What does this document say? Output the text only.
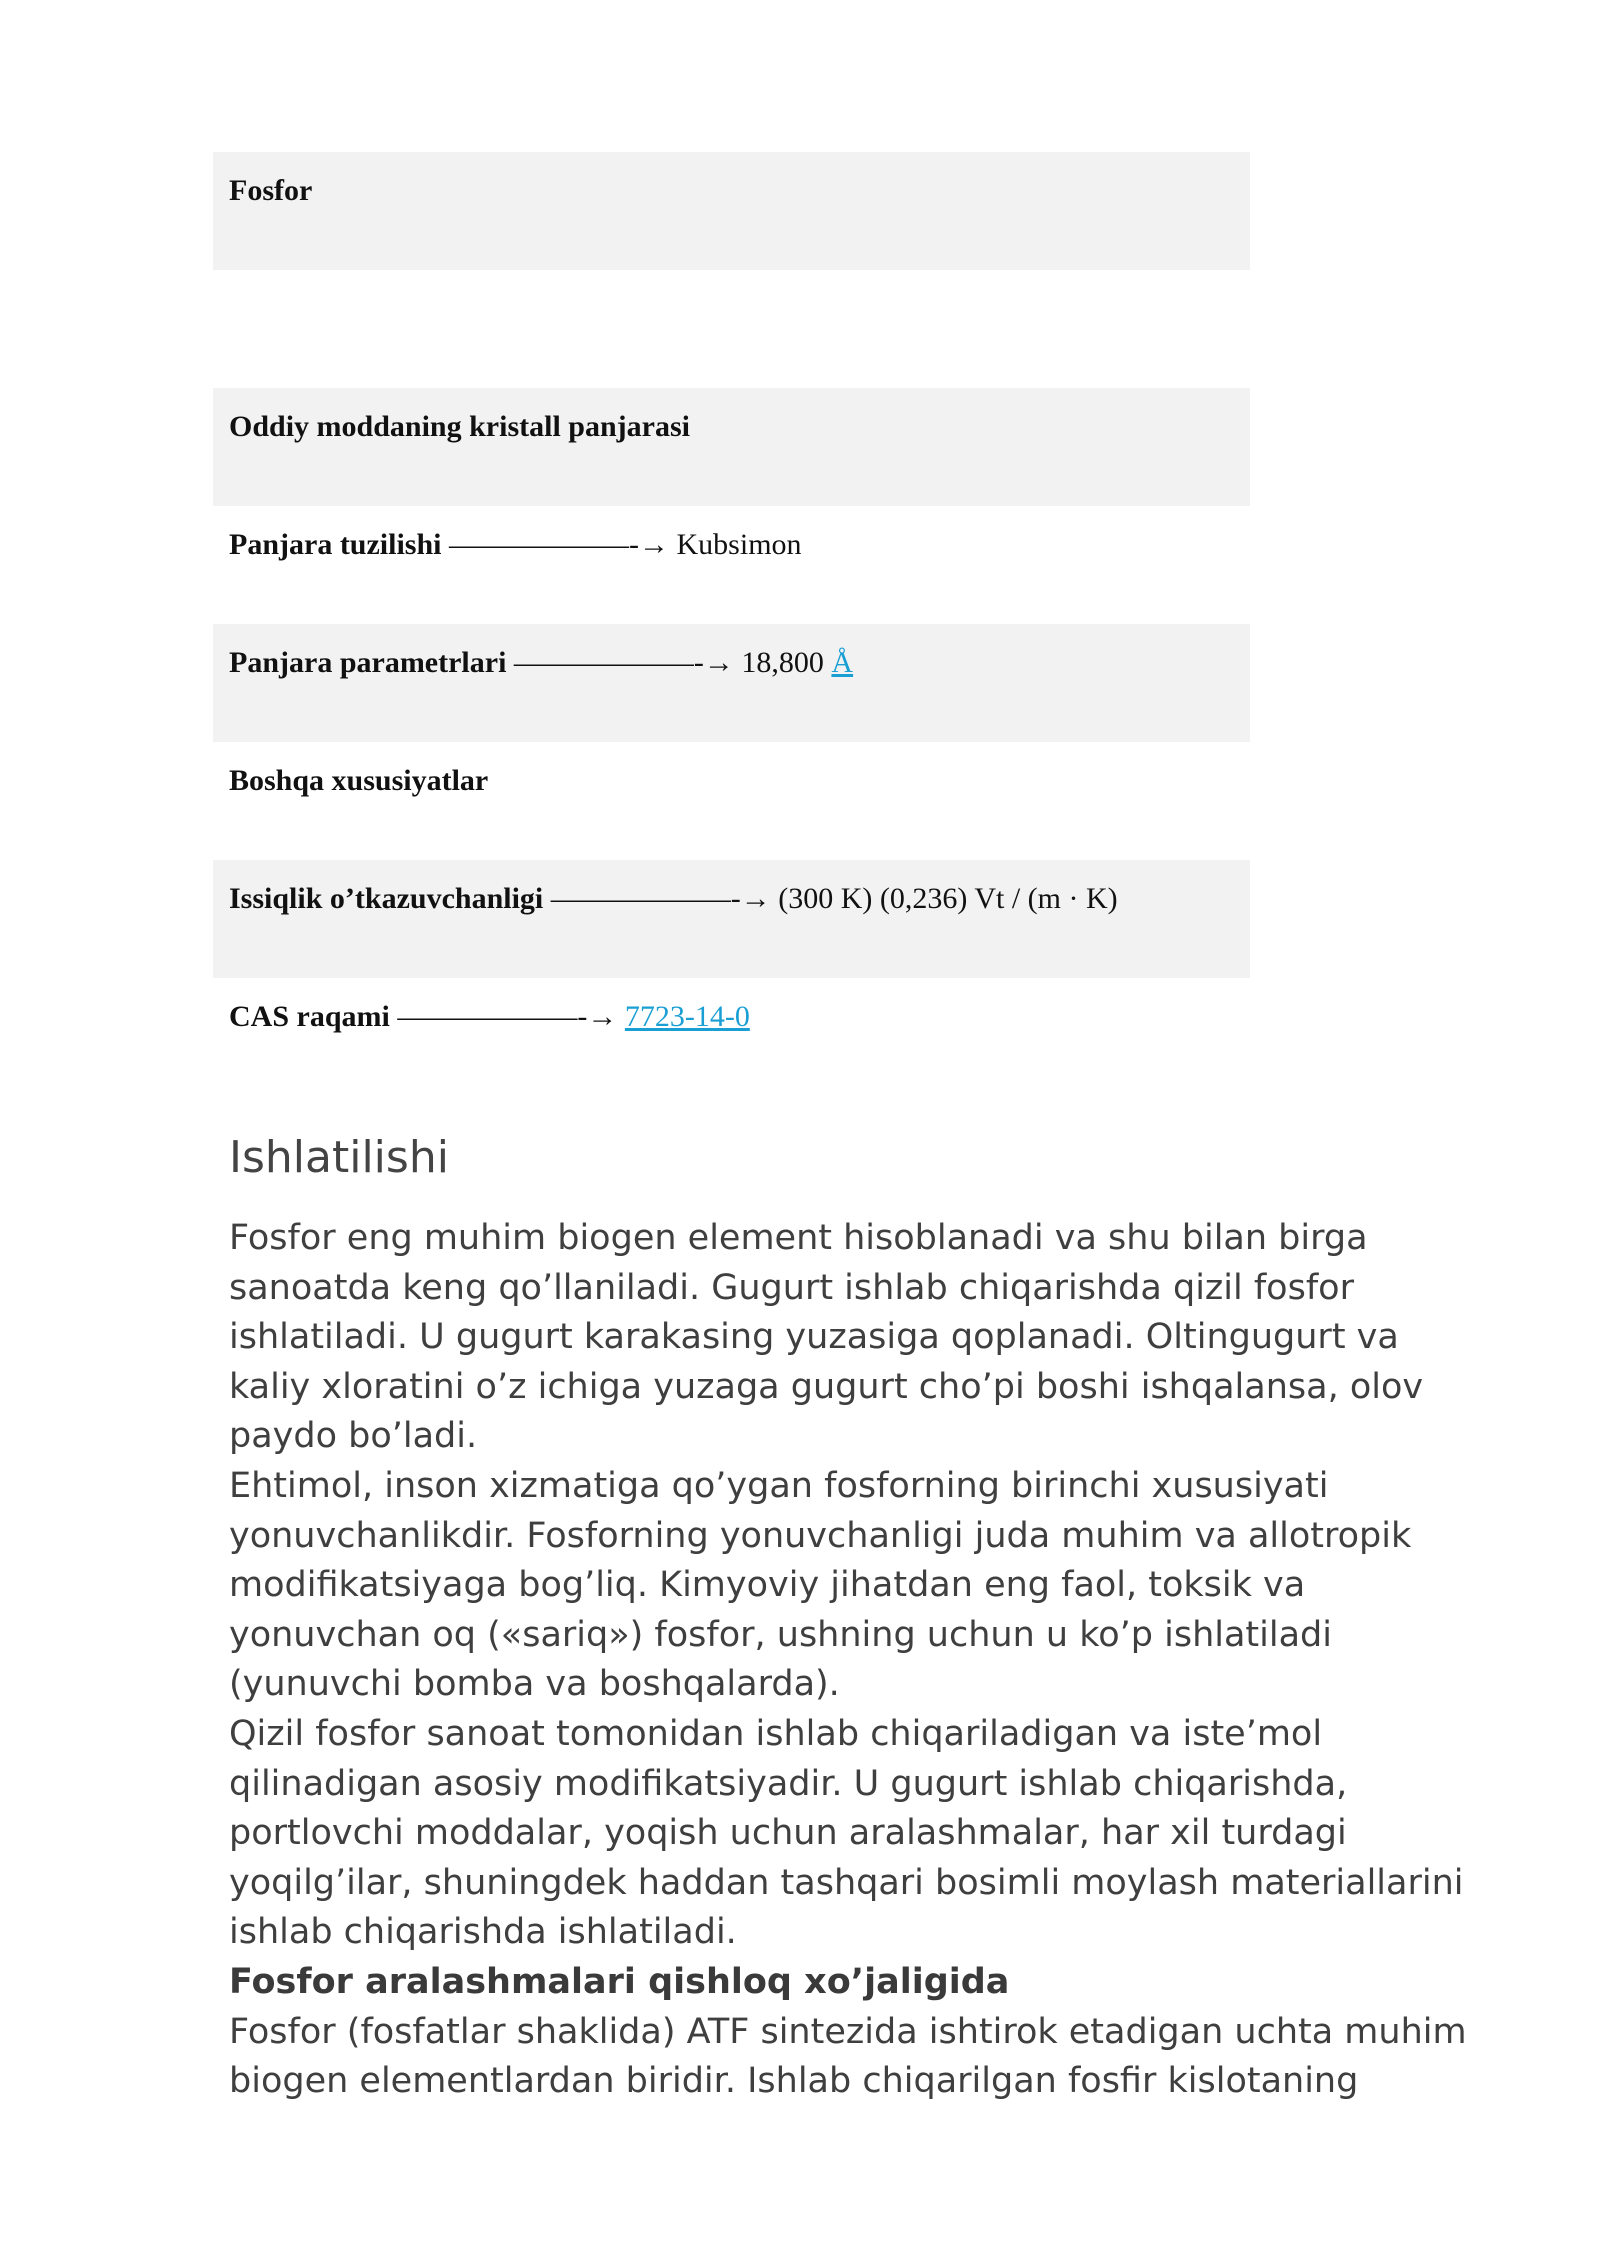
Fosfor
Oddiy moddaning kristall panjarasi
Panjara tuzilishi ——————-→ Kubsimon
Panjara parametrlari ——————-→ 18,800 Å
Boshqa xususiyatlar
Issiqlik o’tkazuvchanligi ——————-→ (300 K) (0,236) Vt / (m · K)
CAS raqami ——————-→ 7723-14-0
Ishlatilishi

Fosfor eng muhim biogen element hisoblanadi va shu bilan birga sanoatda keng qo’llaniladi. Gugurt ishlab chiqarishda qizil fosfor ishlatiladi. U gugurt karakasing yuzasiga qoplanadi. Oltingugurt va kaliy xloratini o’z ichiga yuzaga gugurt cho’pi boshi ishqalansa, olov paydo bo’ladi.

Ehtimol, inson xizmatiga qo’ygan fosforning birinchi xususiyati yonuvchanlikdir. Fosforning yonuvchanligi juda muhim va allotropik modifikatsiyaga bog’liq. Kimyoviy jihatdan eng faol, toksik va yonuvchan oq («sariq») fosfor, ushning uchun u ko’p ishlatiladi (yunuvchi bomba va boshqalarda).

Qizil fosfor sanoat tomonidan ishlab chiqariladigan va iste’mol qilinadigan asosiy modifikatsiyadir. U gugurt ishlab chiqarishda, portlovchi moddalar, yoqish uchun aralashmalar, har xil turdagi yoqilg’ilar, shuningdek haddan tashqari bosimli moylash materiallarini ishlab chiqarishda ishlatiladi.

Fosfor aralashmalari qishloq xo’jaligida

Fosfor (fosfatlar shaklida) ATF sintezida ishtirok etadigan uchta muhim biogen elementlardan biridir. Ishlab chiqarilgan fosfir kislotaning
